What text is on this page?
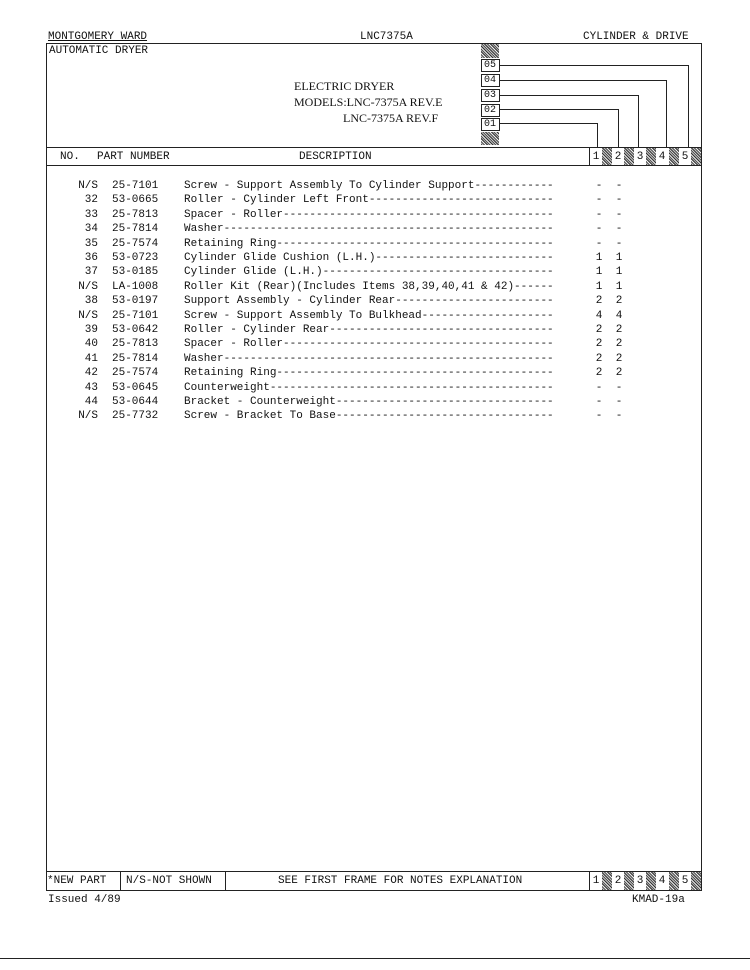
MONTGOMERY WARD	LNC7375A	CYLINDER & DRIVE
AUTOMATIC DRYER
ELECTRIC DRYER
MODELS:LNC-7375A REV.E
LNC-7375A REV.F
05
04
03
02
01
NO. PART NUMBER	DESCRIPTION	1 2 3 4 5
N/S 25-7101 Screw - Support Assembly To Cylinder Support------------	- -
32 53-0665 Roller - Cylinder Left Front----------------------------	- -
33 25-7813 Spacer - Roller-----------------------------------------	- -
34 25-7814 Washer--------------------------------------------------	- -
35 25-7574 Retaining Ring------------------------------------------	- -
36 53-0723 Cylinder Glide Cushion (L.H.)---------------------------	1 1
37 53-0185 Cylinder Glide (L.H.)-----------------------------------	1 1
N/S LA-1008 Roller Kit (Rear)(Includes Items 38,39,40,41 & 42)------	1 1
38 53-0197 Support Assembly - Cylinder Rear------------------------	2 2
N/S 25-7101 Screw - Support Assembly To Bulkhead--------------------	4 4
39 53-0642 Roller - Cylinder Rear----------------------------------	2 2
40 25-7813 Spacer - Roller-----------------------------------------	2 2
41 25-7814 Washer--------------------------------------------------	2 2
42 25-7574 Retaining Ring------------------------------------------	2 2
43 53-0645 Counterweight-------------------------------------------	- -
44 53-0644 Bracket - Counterweight---------------------------------	- -
N/S 25-7732 Screw - Bracket To Base---------------------------------	- -
*NEW PART N/S-NOT SHOWN	SEE FIRST FRAME FOR NOTES EXPLANATION	1 2 3 4 5
Issued 4/89	KMAD-19a
